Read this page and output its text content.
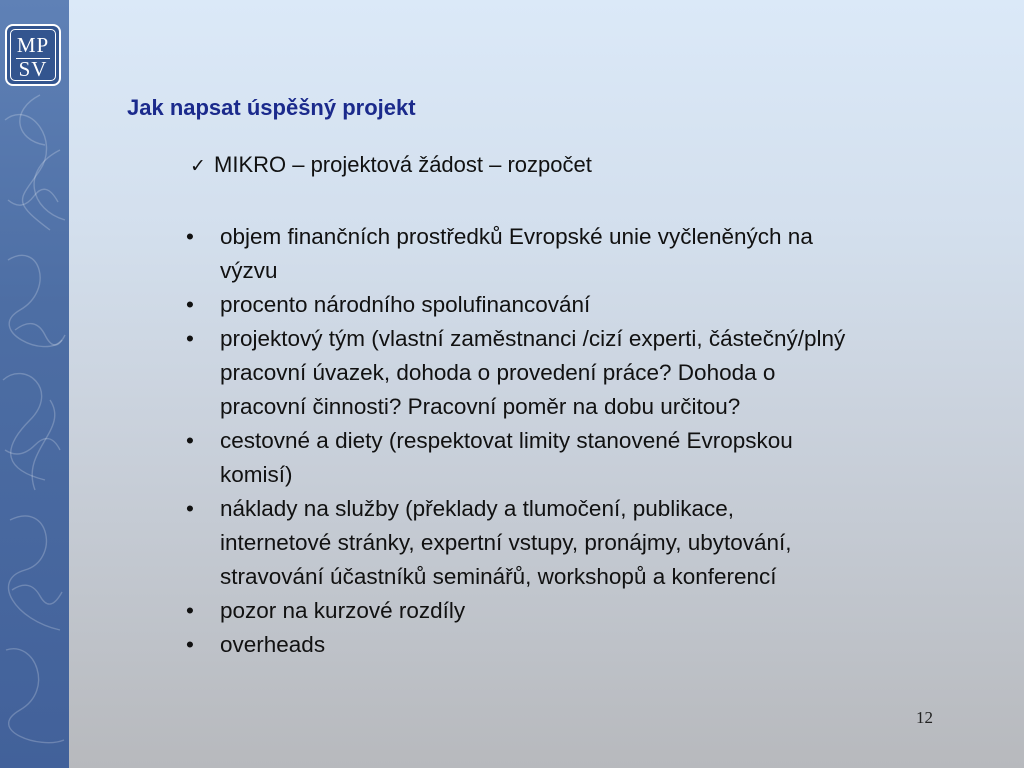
MP
SV
Jak napsat úspěšný projekt
✓ MIKRO – projektová žádost – rozpočet
• objem finančních prostředků Evropské unie vyčleněných na
výzvu
• procento národního spolufinancování
• projektový tým (vlastní zaměstnanci /cizí experti, částečný/plný
pracovní úvazek, dohoda o provedení práce? Dohoda o
pracovní činnosti? Pracovní poměr na dobu určitou?
• cestovné a diety (respektovat limity stanovené Evropskou
komisí)
• náklady na služby (překlady a tlumočení, publikace,
internetové stránky, expertní vstupy, pronájmy, ubytování,
stravování účastníků seminářů, workshopů a konferencí
• pozor na kurzové rozdíly
• overheads
12
